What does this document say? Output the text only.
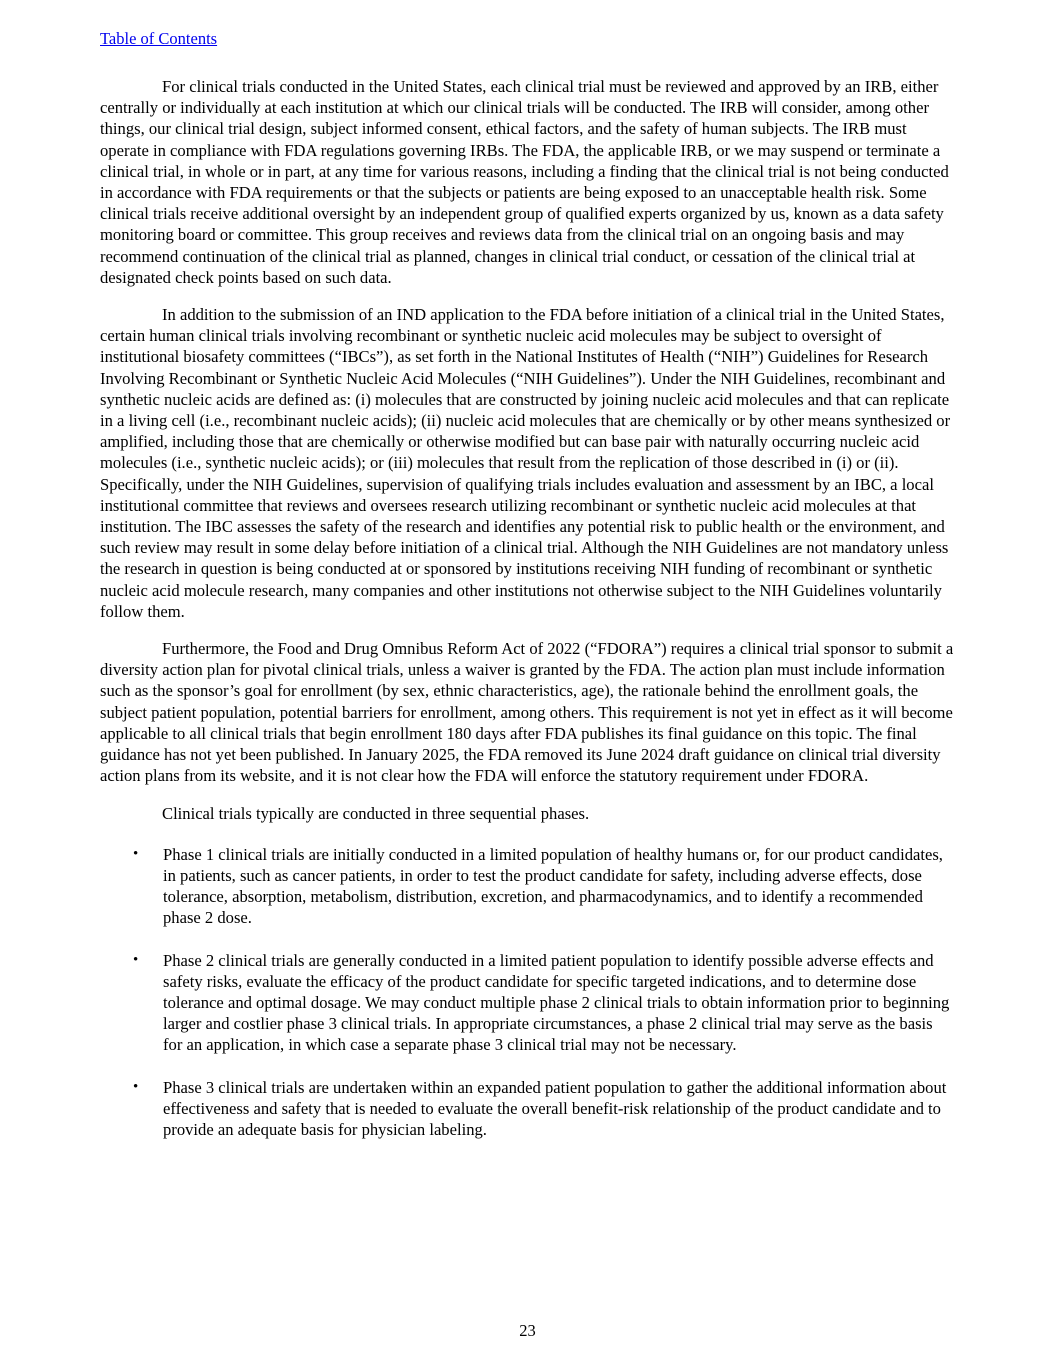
Table of Contents

For clinical trials conducted in the United States, each clinical trial must be reviewed and approved by an IRB, either centrally or individually at each institution at which our clinical trials will be conducted. The IRB will consider, among other things, our clinical trial design, subject informed consent, ethical factors, and the safety of human subjects. The IRB must operate in compliance with FDA regulations governing IRBs. The FDA, the applicable IRB, or we may suspend or terminate a clinical trial, in whole or in part, at any time for various reasons, including a finding that the clinical trial is not being conducted in accordance with FDA requirements or that the subjects or patients are being exposed to an unacceptable health risk. Some clinical trials receive additional oversight by an independent group of qualified experts organized by us, known as a data safety monitoring board or committee. This group receives and reviews data from the clinical trial on an ongoing basis and may recommend continuation of the clinical trial as planned, changes in clinical trial conduct, or cessation of the clinical trial at designated check points based on such data.

In addition to the submission of an IND application to the FDA before initiation of a clinical trial in the United States, certain human clinical trials involving recombinant or synthetic nucleic acid molecules may be subject to oversight of institutional biosafety committees (“IBCs”), as set forth in the National Institutes of Health (“NIH”) Guidelines for Research Involving Recombinant or Synthetic Nucleic Acid Molecules (“NIH Guidelines”). Under the NIH Guidelines, recombinant and synthetic nucleic acids are defined as: (i) molecules that are constructed by joining nucleic acid molecules and that can replicate in a living cell (i.e., recombinant nucleic acids); (ii) nucleic acid molecules that are chemically or by other means synthesized or amplified, including those that are chemically or otherwise modified but can base pair with naturally occurring nucleic acid molecules (i.e., synthetic nucleic acids); or (iii) molecules that result from the replication of those described in (i) or (ii). Specifically, under the NIH Guidelines, supervision of qualifying trials includes evaluation and assessment by an IBC, a local institutional committee that reviews and oversees research utilizing recombinant or synthetic nucleic acid molecules at that institution. The IBC assesses the safety of the research and identifies any potential risk to public health or the environment, and such review may result in some delay before initiation of a clinical trial. Although the NIH Guidelines are not mandatory unless the research in question is being conducted at or sponsored by institutions receiving NIH funding of recombinant or synthetic nucleic acid molecule research, many companies and other institutions not otherwise subject to the NIH Guidelines voluntarily follow them.

Furthermore, the Food and Drug Omnibus Reform Act of 2022 (“FDORA”) requires a clinical trial sponsor to submit a diversity action plan for pivotal clinical trials, unless a waiver is granted by the FDA. The action plan must include information such as the sponsor’s goal for enrollment (by sex, ethnic characteristics, age), the rationale behind the enrollment goals, the subject patient population, potential barriers for enrollment, among others. This requirement is not yet in effect as it will become applicable to all clinical trials that begin enrollment 180 days after FDA publishes its final guidance on this topic. The final guidance has not yet been published. In January 2025, the FDA removed its June 2024 draft guidance on clinical trial diversity action plans from its website, and it is not clear how the FDA will enforce the statutory requirement under FDORA.

Clinical trials typically are conducted in three sequential phases.

•	Phase 1 clinical trials are initially conducted in a limited population of healthy humans or, for our product candidates, in patients, such as cancer patients, in order to test the product candidate for safety, including adverse effects, dose tolerance, absorption, metabolism, distribution, excretion, and pharmacodynamics, and to identify a recommended phase 2 dose.
•	Phase 2 clinical trials are generally conducted in a limited patient population to identify possible adverse effects and safety risks, evaluate the efficacy of the product candidate for specific targeted indications, and to determine dose tolerance and optimal dosage. We may conduct multiple phase 2 clinical trials to obtain information prior to beginning larger and costlier phase 3 clinical trials. In appropriate circumstances, a phase 2 clinical trial may serve as the basis for an application, in which case a separate phase 3 clinical trial may not be necessary.
•	Phase 3 clinical trials are undertaken within an expanded patient population to gather the additional information about effectiveness and safety that is needed to evaluate the overall benefit-risk relationship of the product candidate and to provide an adequate basis for physician labeling.
23
